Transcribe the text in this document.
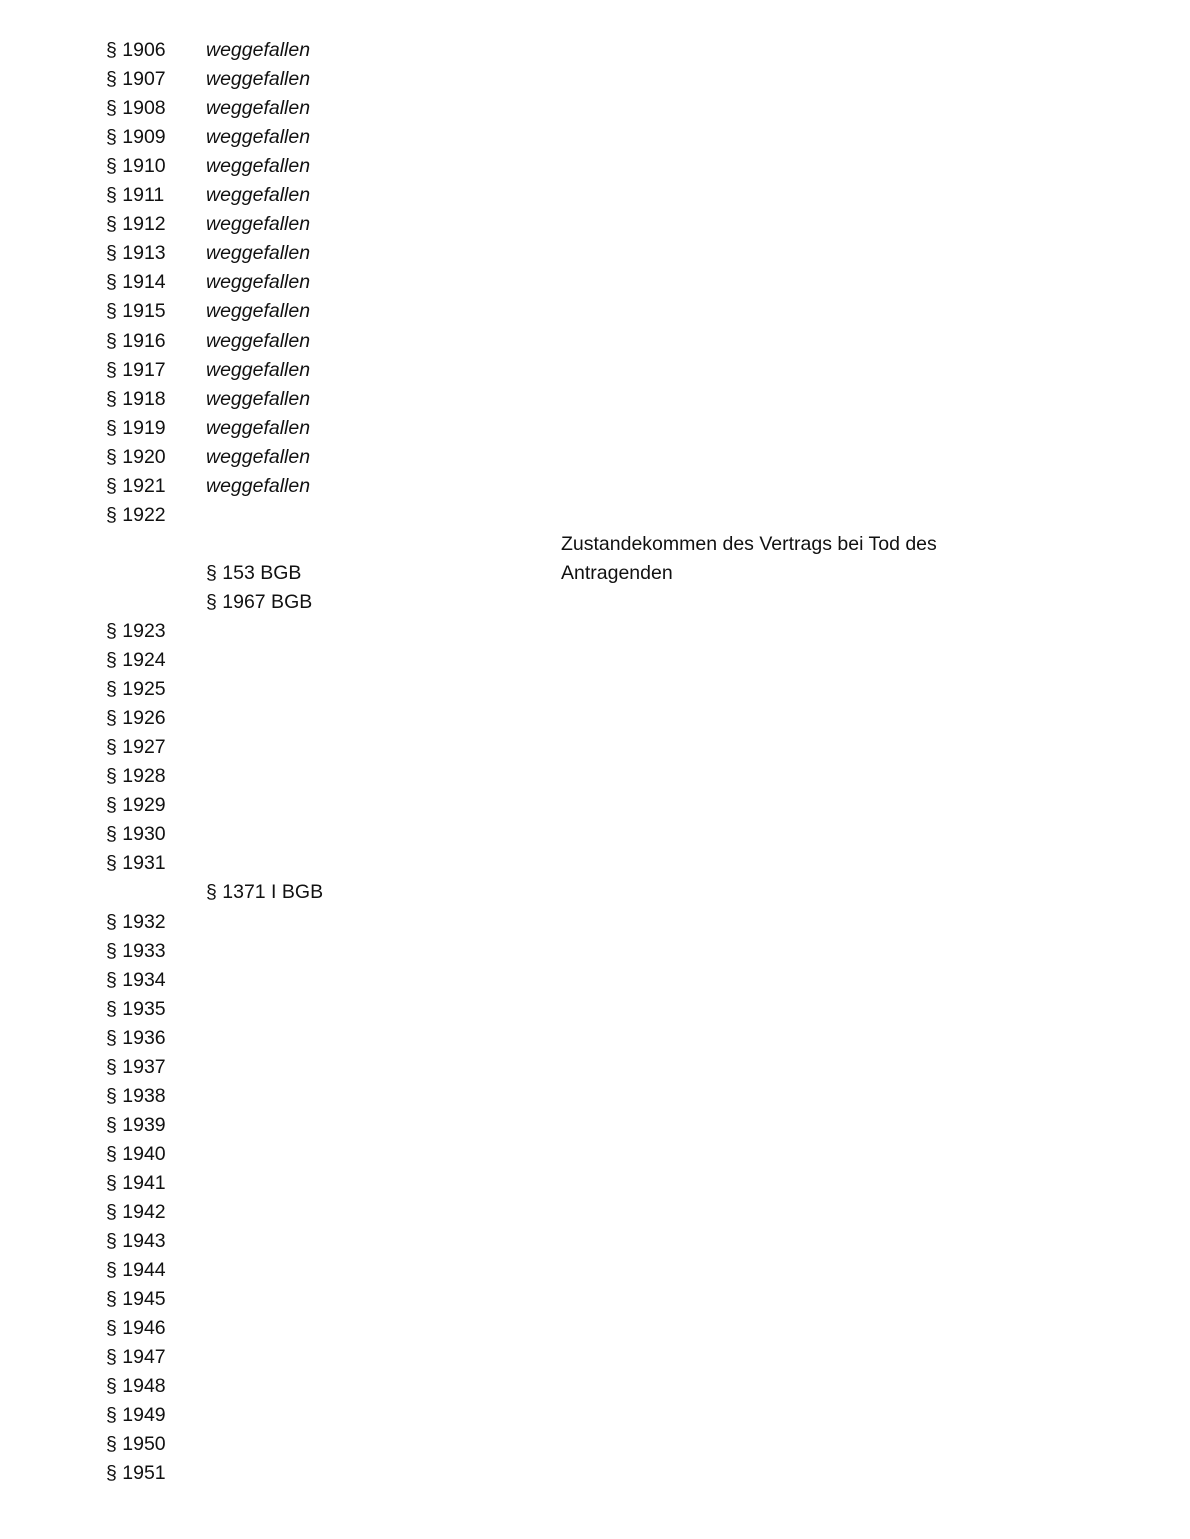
§ 1906 weggefallen
§ 1907 weggefallen
§ 1908 weggefallen
§ 1909 weggefallen
§ 1910 weggefallen
§ 1911 weggefallen
§ 1912 weggefallen
§ 1913 weggefallen
§ 1914 weggefallen
§ 1915 weggefallen
§ 1916 weggefallen
§ 1917 weggefallen
§ 1918 weggefallen
§ 1919 weggefallen
§ 1920 weggefallen
§ 1921 weggefallen
§ 1922
Zustandekommen des Vertrags bei Tod des
§ 153 BGB	Antragenden
§ 1967 BGB
§ 1923
§ 1924
§ 1925
§ 1926
§ 1927
§ 1928
§ 1929
§ 1930
§ 1931
§ 1371 I BGB
§ 1932
§ 1933
§ 1934
§ 1935
§ 1936
§ 1937
§ 1938
§ 1939
§ 1940
§ 1941
§ 1942
§ 1943
§ 1944
§ 1945
§ 1946
§ 1947
§ 1948
§ 1949
§ 1950
§ 1951
